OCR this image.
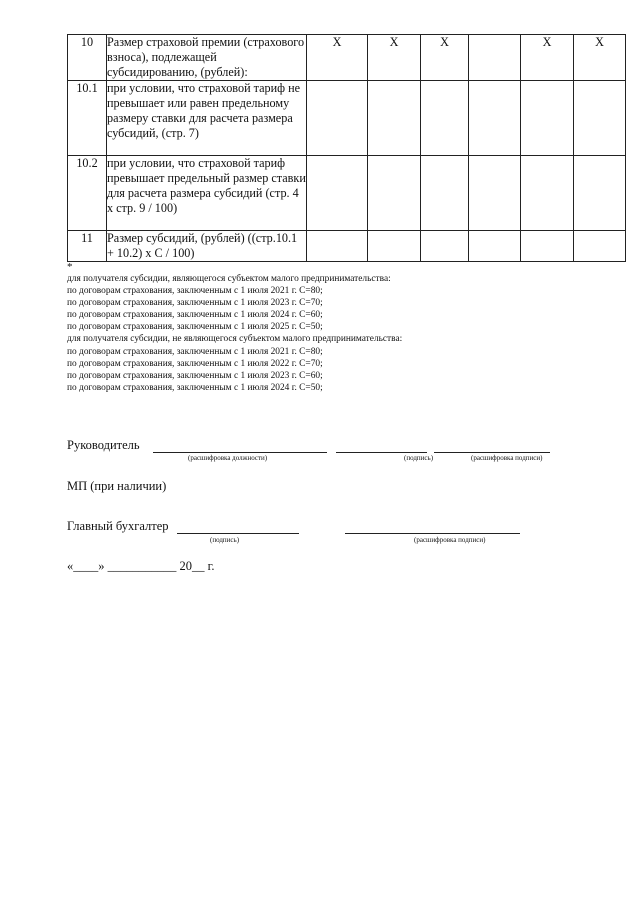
10	Размер страховой премии (страхового взноса), подлежащей субсидированию, (рублей):	Х	Х	Х		Х	Х
10.1	при условии, что страховой тариф не превышает или равен предельному размеру ставки для расчета размера субсидий, (стр. 7)						
10.2	при условии, что страховой тариф превышает предельный размер ставки для расчета размера субсидий (стр. 4 х стр. 9 / 100)						
11	Размер субсидий, (рублей) ((стр.10.1 + 10.2) х С / 100)						
*
для получателя субсидии, являющегося субъектом малого предпринимательства:
по договорам страхования, заключенным с 1 июля 2021 г. С=80;
по договорам страхования, заключенным с 1 июля 2023 г. С=70;
по договорам страхования, заключенным с 1 июля 2024 г. С=60;
по договорам страхования, заключенным с 1 июля 2025 г. С=50;
для получателя субсидии, не являющегося субъектом малого предпринимательства:
по договорам страхования, заключенным с 1 июля 2021 г. С=80;
по договорам страхования, заключенным с 1 июля 2022 г. С=70;
по договорам страхования, заключенным с 1 июля 2023 г. С=60;
по договорам страхования, заключенным с 1 июля 2024 г. С=50;
Руководитель
(расшифровка должности)	(подпись)	(расшифровка подписи)
МП (при наличии)
Главный бухгалтер
(подпись)	(расшифровка подписи)
«____» ___________ 20__ г.
